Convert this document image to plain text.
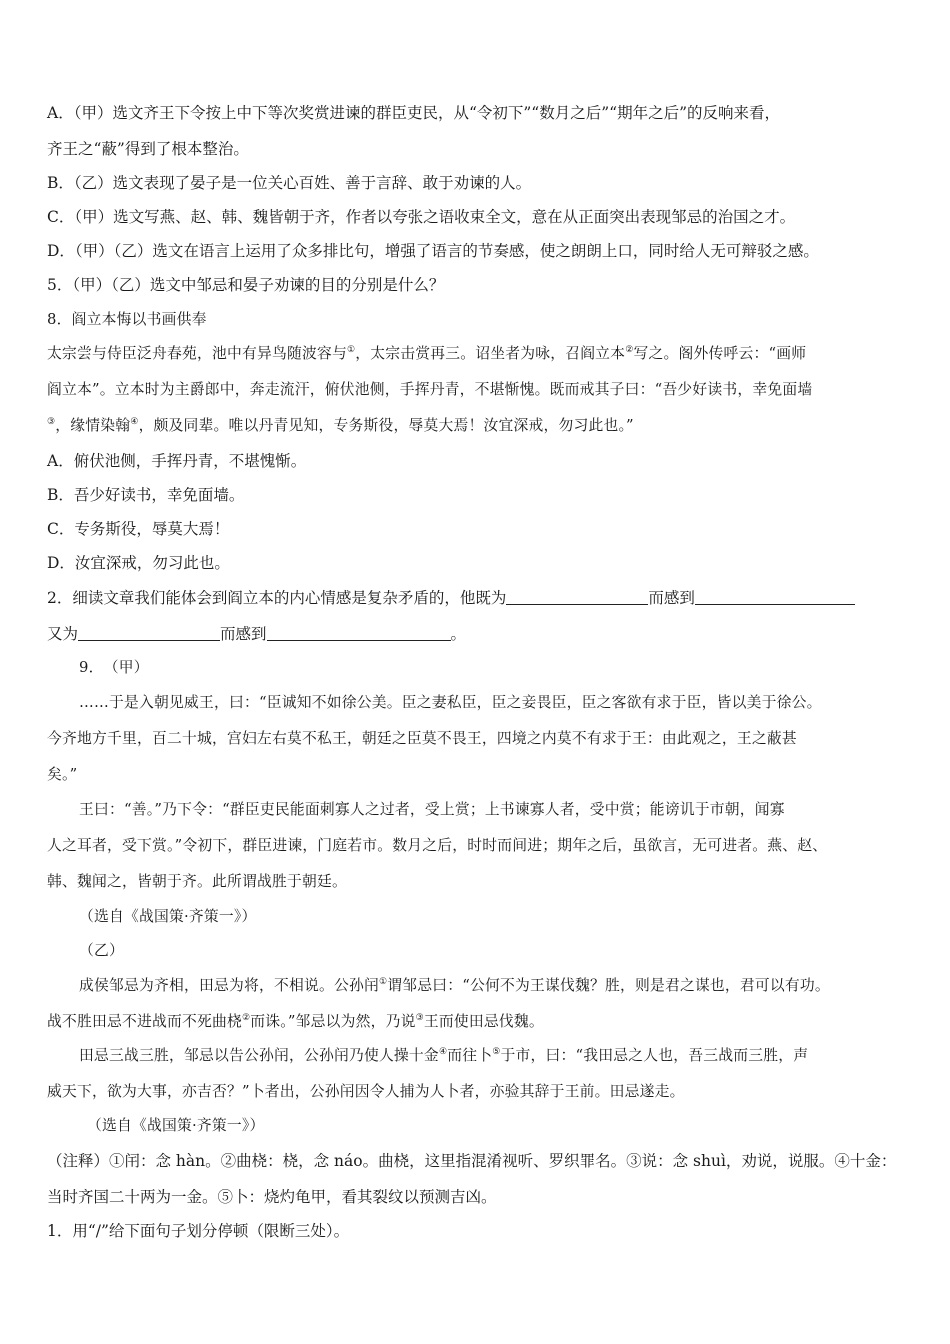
A．（甲）选文齐王下令按上中下等次奖赏进谏的群臣吏民，从“令初下”“数月之后”“期年之后”的反响来看，
齐王之“蔽”得到了根本整治。
B．（乙）选文表现了晏子是一位关心百姓、善于言辞、敢于劝谏的人。
C．（甲）选文写燕、赵、韩、魏皆朝于齐，作者以夸张之语收束全文，意在从正面突出表现邹忌的治国之才。
D．（甲）（乙）选文在语言上运用了众多排比句，增强了语言的节奏感，使之朗朗上口，同时给人无可辩驳之感。
5．（甲）（乙）选文中邹忌和晏子劝谏的目的分别是什么？
8．阎立本悔以书画供奉
太宗尝与侍臣泛舟春苑，池中有异鸟随波容与①，太宗击赏再三。诏坐者为咏，召阎立本②写之。阁外传呼云：“画师
阎立本”。立本时为主爵郎中，奔走流汗，俯伏池侧，手挥丹青，不堪惭愧。既而戒其子曰：“吾少好读书，幸免面墙
③，缘情染翰④，颇及同辈。唯以丹青见知，专务斯役，辱莫大焉！汝宜深戒，勿习此也。”
A．俯伏池侧，手挥丹青，不堪愧惭。
B．吾少好读书，幸免面墙。
C．专务斯役，辱莫大焉！
D．汝宜深戒，勿习此也。
2．细读文章我们能体会到阎立本的内心情感是复杂矛盾的，他既为	而感到
又为	而感到	。
9．　（甲）
……于是入朝见威王，曰：“臣诚知不如徐公美。臣之妻私臣，臣之妾畏臣，臣之客欲有求于臣，皆以美于徐公。
今齐地方千里，百二十城，宫妇左右莫不私王，朝廷之臣莫不畏王，四境之内莫不有求于王：由此观之，王之蔽甚
矣。”
王曰：“善。”乃下令：“群臣吏民能面刺寡人之过者，受上赏；上书谏寡人者，受中赏；能谤讥于市朝，闻寡
人之耳者，受下赏。”令初下，群臣进谏，门庭若市。数月之后，时时而间进；期年之后，虽欲言，无可进者。燕、赵、
韩、魏闻之，皆朝于齐。此所谓战胜于朝廷。
（选自《战国策·齐策一》）
（乙）
成侯邹忌为齐相，田忌为将，不相说。公孙闬①谓邹忌曰：“公何不为王谋伐魏？胜，则是君之谋也，君可以有功。
战不胜田忌不进战而不死曲桡②而诛。”邹忌以为然，乃说③王而使田忌伐魏。
田忌三战三胜，邹忌以告公孙闬，公孙闬乃使人操十金④而往卜⑤于市，曰：“我田忌之人也，吾三战而三胜，声
威天下，欲为大事，亦吉否？”卜者出，公孙闬因令人捕为人卜者，亦验其辞于王前。田忌遂走。
（选自《战国策·齐策一》）
（注释）①闬：念 hàn。②曲桡：桡，念 náo。曲桡，这里指混淆视听、罗织罪名。③说：念 shuì，劝说，说服。④十金：
当时齐国二十两为一金。⑤卜：烧灼龟甲，看其裂纹以预测吉凶。
1．用“/”给下面句子划分停顿（限断三处）。
